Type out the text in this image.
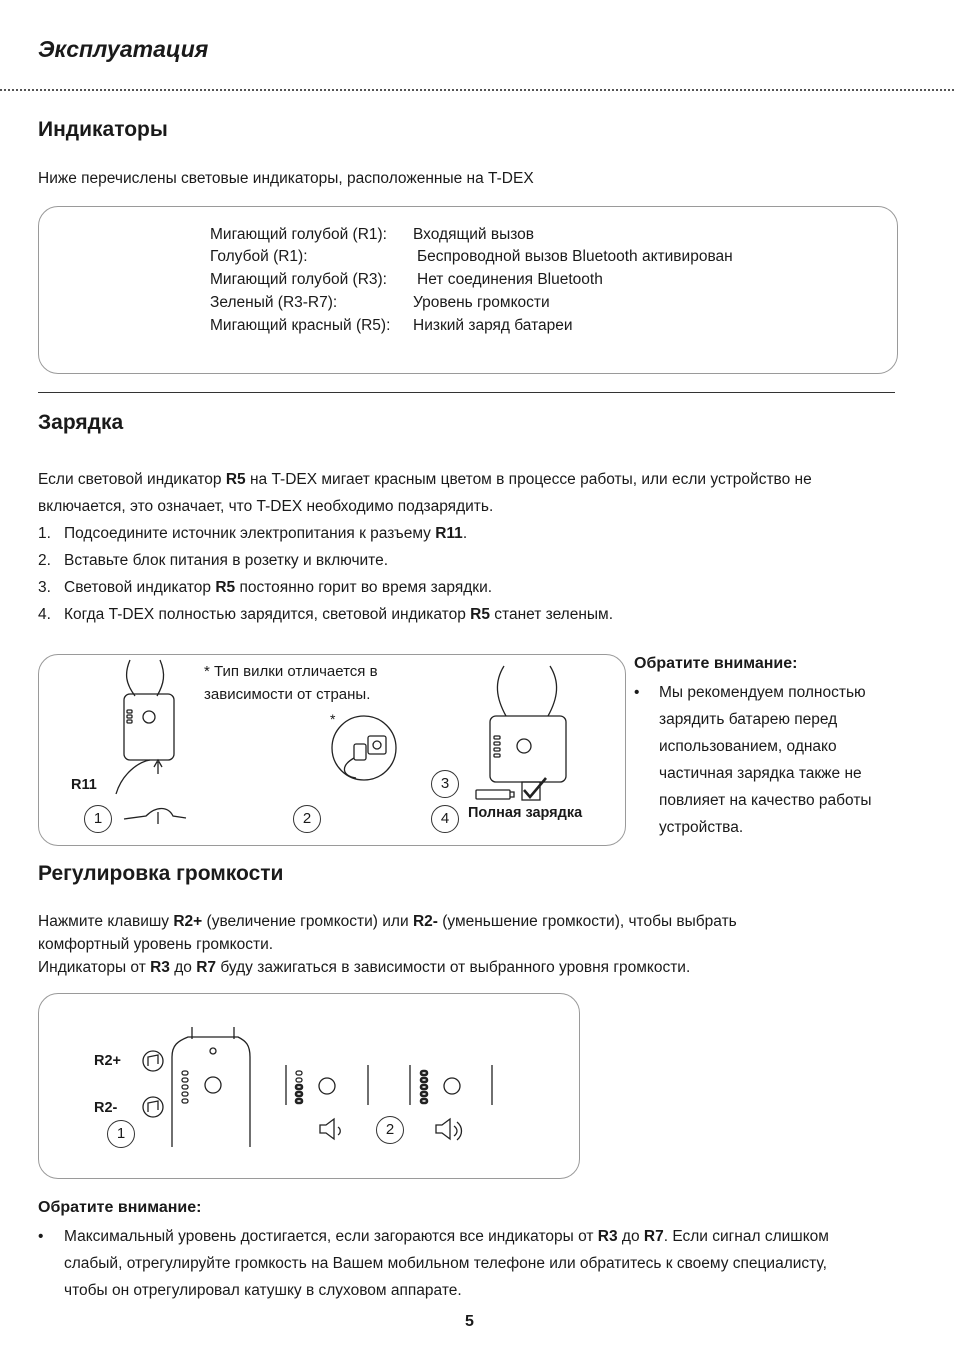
Эксплуатация
Индикаторы
Ниже перечислены световые индикаторы, расположенные на T-DEX
Мигающий голубой (R1): Входящий вызов
Голубой (R1):	Беспроводной вызов Bluetooth активирован
Мигающий голубой (R3): Нет соединения Bluetooth
Зеленый (R3-R7):	Уровень громкости
Мигающий красный (R5): Низкий заряд батареи
Зарядка
Если световой индикатор R5 на T-DEX мигает красным цветом в процессе работы, или если устройство не
включается, это означает, что T-DEX необходимо подзарядить.
1. Подсоедините источник электропитания к разъему R11.
2. Вставьте блок питания в розетку и включите.
3. Световой индикатор R5 постоянно горит во время зарядки.
4. Когда T-DEX полностью зарядится, световой индикатор R5 станет зеленым.
* Тип вилки отличается в
зависимости от страны.
*
R11
Полная зарядка
1	2
3
4
Обратите внимание:
• Мы рекомендуем полностью
зарядить батарею перед
использованием, однако
частичная зарядка также не
повлияет на качество работы
устройства.
Регулировка громкости
Нажмите клавишу R2+ (увеличение громкости) или R2- (уменьшение громкости), чтобы выбрать
комфортный уровень громкости.
Индикаторы от R3 до R7 буду зажигаться в зависимости от выбранного уровня громкости.
R2+
R2-
1	2
Обратите внимание:
• Максимальный уровень достигается, если загораются все индикаторы от R3 до R7. Если сигнал слишком
слабый, отрегулируйте громкость на Вашем мобильном телефоне или обратитесь к своему специалисту,
чтобы он отрегулировал катушку в слуховом аппарате.
5
